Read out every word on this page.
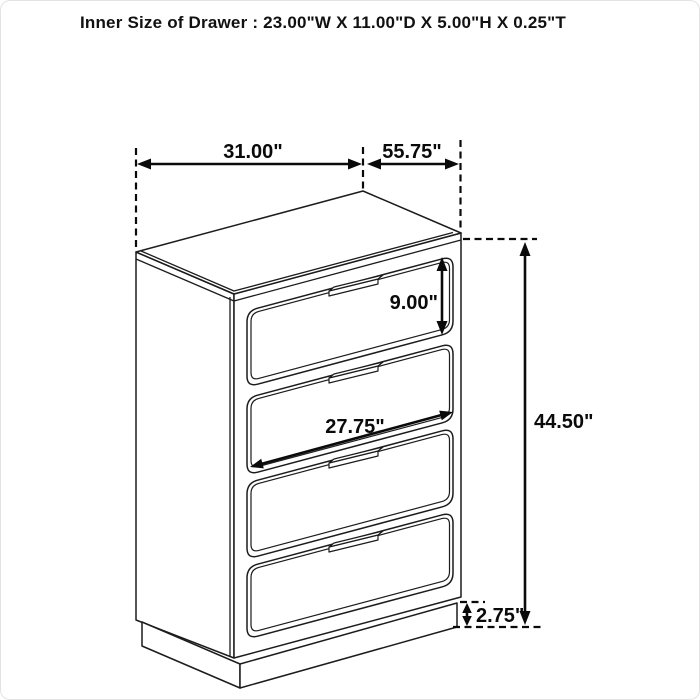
Inner Size of Drawer : 23.00"W X 11.00"D X 5.00"H X 0.25"T
31.00"	55.75"
9.00"
27.75"	44.50"
2.75"
